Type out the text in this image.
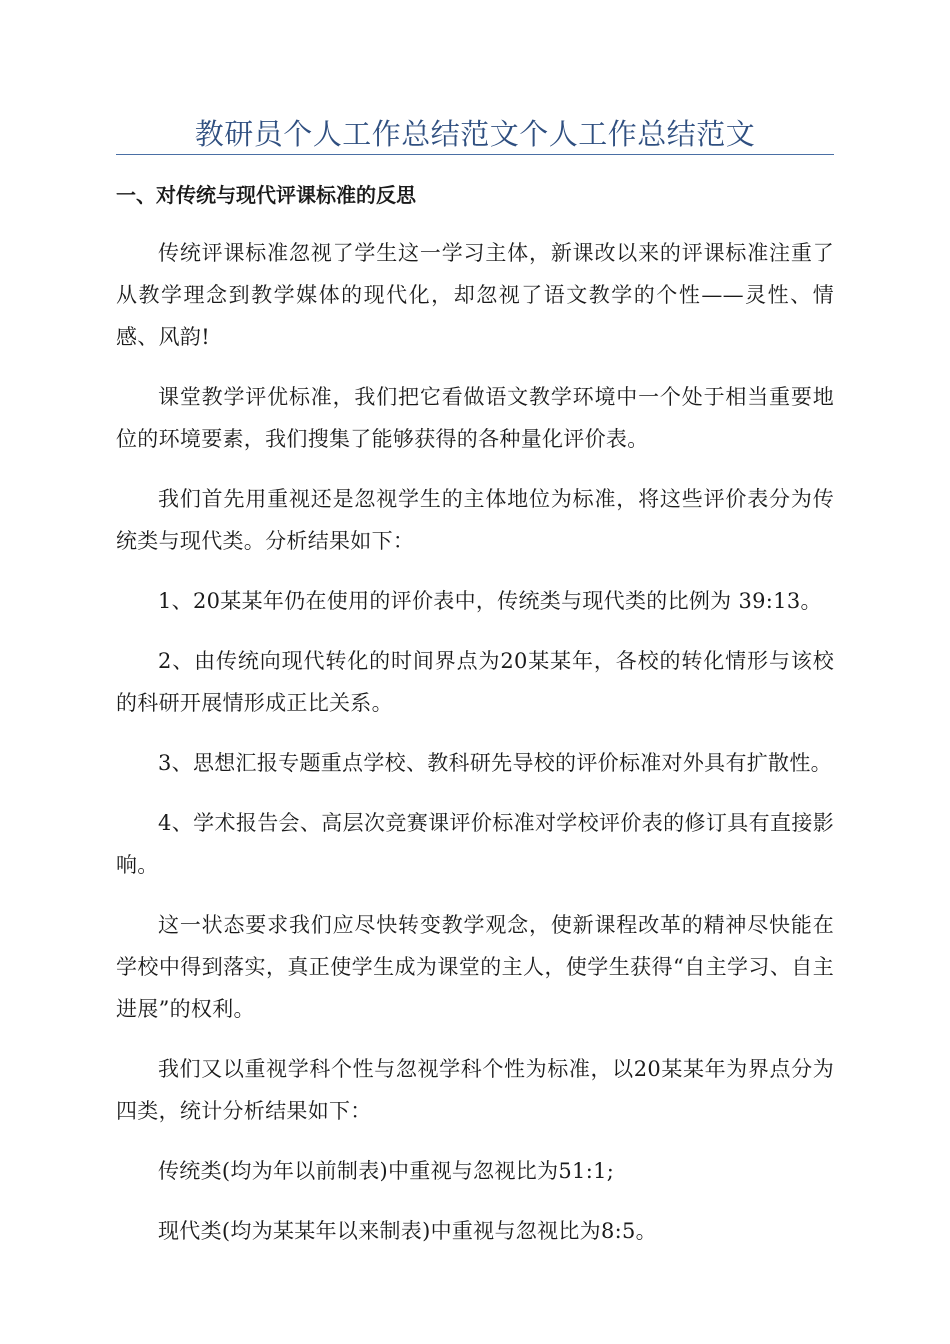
教研员个人工作总结范文个人工作总结范文
一、对传统与现代评课标准的反思

传统评课标准忽视了学生这一学习主体，新课改以来的评课标准注重了从教学理念到教学媒体的现代化，却忽视了语文教学的个性——灵性、情感、风韵!

课堂教学评优标准，我们把它看做语文教学环境中一个处于相当重要地位的环境要素，我们搜集了能够获得的各种量化评价表。

我们首先用重视还是忽视学生的主体地位为标准，将这些评价表分为传统类与现代类。分析结果如下：

1、20某某年仍在使用的评价表中，传统类与现代类的比例为 39:13。

2、由传统向现代转化的时间界点为20某某年，各校的转化情形与该校的科研开展情形成正比关系。

3、思想汇报专题重点学校、教科研先导校的评价标准对外具有扩散性。

4、学术报告会、高层次竞赛课评价标准对学校评价表的修订具有直接影响。

这一状态要求我们应尽快转变教学观念，使新课程改革的精神尽快能在学校中得到落实，真正使学生成为课堂的主人，使学生获得“自主学习、自主进展”的权利。

我们又以重视学科个性与忽视学科个性为标准，以20某某年为界点分为四类，统计分析结果如下：

传统类(均为年以前制表)中重视与忽视比为51:1;

现代类(均为某某年以来制表)中重视与忽视比为8:5。
